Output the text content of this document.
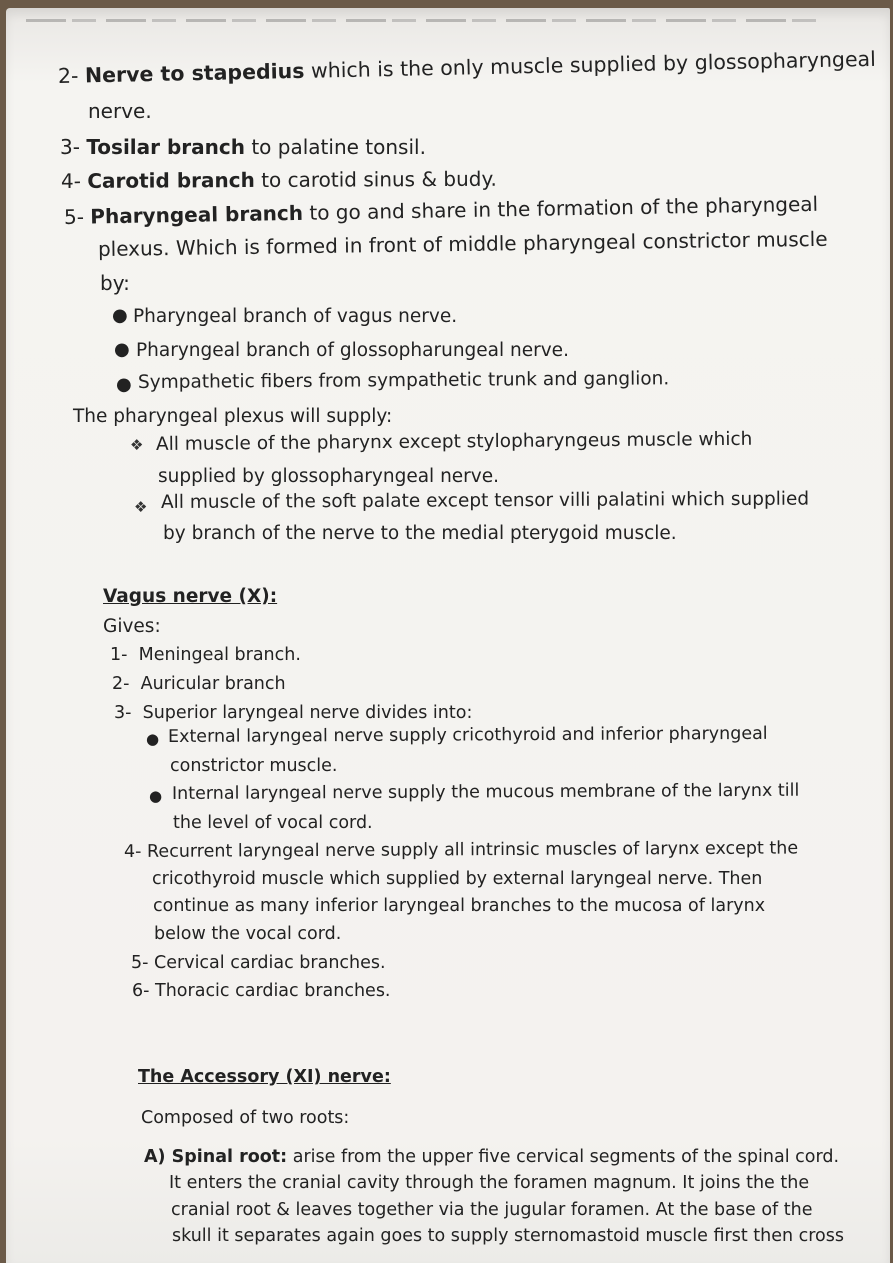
2- Nerve to stapedius which is the only muscle supplied by glossopharyngeal
nerve.
3- Tosilar branch to palatine tonsil.
4- Carotid branch to carotid sinus & budy.
5- Pharyngeal branch to go and share in the formation of the pharyngeal
plexus. Which is formed in front of middle pharyngeal constrictor muscle
by:
● Pharyngeal branch of vagus nerve.
● Pharyngeal branch of glossopharungeal nerve.
● Sympathetic fibers from sympathetic trunk and ganglion.
The pharyngeal plexus will supply:
❖ All muscle of the pharynx except stylopharyngeus muscle which
supplied by glossopharyngeal nerve.
❖ All muscle of the soft palate except tensor villi palatini which supplied
by branch of the nerve to the medial pterygoid muscle.
Vagus nerve (X):
Gives:
1- Meningeal branch.
2- Auricular branch
3- Superior laryngeal nerve divides into:
● External laryngeal nerve supply cricothyroid and inferior pharyngeal
constrictor muscle.
● Internal laryngeal nerve supply the mucous membrane of the larynx till
the level of vocal cord.
4- Recurrent laryngeal nerve supply all intrinsic muscles of larynx except the
cricothyroid muscle which supplied by external laryngeal nerve. Then
continue as many inferior laryngeal branches to the mucosa of larynx
below the vocal cord.
5- Cervical cardiac branches.
6- Thoracic cardiac branches.
The Accessory (XI) nerve:
Composed of two roots:
A) Spinal root: arise from the upper five cervical segments of the spinal cord.
It enters the cranial cavity through the foramen magnum. It joins the the
cranial root & leaves together via the jugular foramen. At the base of the
skull it separates again goes to supply sternomastoid muscle first then cross
